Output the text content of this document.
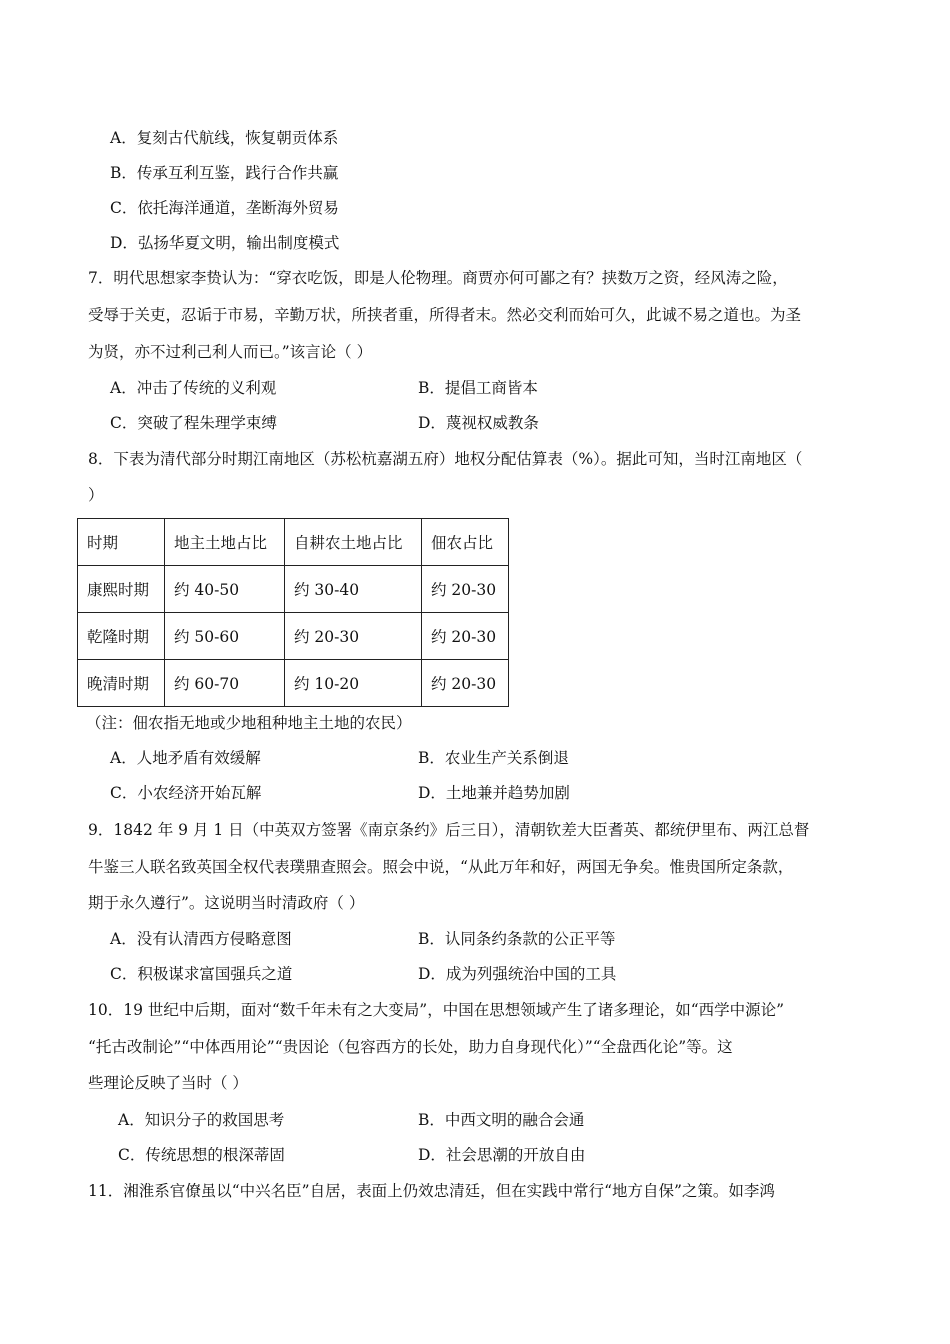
A．复刻古代航线，恢复朝贡体系
B．传承互利互鉴，践行合作共赢
C．依托海洋通道，垄断海外贸易
D．弘扬华夏文明，输出制度模式
7．明代思想家李贽认为：“穿衣吃饭，即是人伦物理。商贾亦何可鄙之有？挟数万之资，经风涛之险，
受辱于关吏，忍诟于市易，辛勤万状，所挟者重，所得者末。然必交利而始可久，此诚不易之道也。为圣
为贤，亦不过利己利人而已。”该言论（ ）
A．冲击了传统的义利观	B．提倡工商皆本
C．突破了程朱理学束缚	D．蔑视权威教条
8．下表为清代部分时期江南地区（苏松杭嘉湖五府）地权分配估算表（%）。据此可知，当时江南地区（
）
时期	地主土地占比	自耕农土地占比	佃农占比
康熙时期	约 40-50	约 30-40	约 20-30
乾隆时期	约 50-60	约 20-30	约 20-30
晚清时期	约 60-70	约 10-20	约 20-30
（注：佃农指无地或少地租种地主土地的农民）
A．人地矛盾有效缓解	B．农业生产关系倒退
C．小农经济开始瓦解	D．土地兼并趋势加剧
9．1842 年 9 月 1 日（中英双方签署《南京条约》后三日），清朝钦差大臣耆英、都统伊里布、两江总督
牛鉴三人联名致英国全权代表璞鼎查照会。照会中说，“从此万年和好，两国无争矣。惟贵国所定条款，
期于永久遵行”。这说明当时清政府（ ）
A．没有认清西方侵略意图	B．认同条约条款的公正平等
C．积极谋求富国强兵之道	D．成为列强统治中国的工具
10．19 世纪中后期，面对“数千年未有之大变局”，中国在思想领域产生了诸多理论，如“西学中源论”
“托古改制论”“中体西用论”“贵因论（包容西方的长处，助力自身现代化）”“全盘西化论”等。这
些理论反映了当时（ ）
A．知识分子的救国思考	B．中西文明的融合会通
C．传统思想的根深蒂固	D．社会思潮的开放自由
11．湘淮系官僚虽以“中兴名臣”自居，表面上仍效忠清廷，但在实践中常行“地方自保”之策。如李鸿
